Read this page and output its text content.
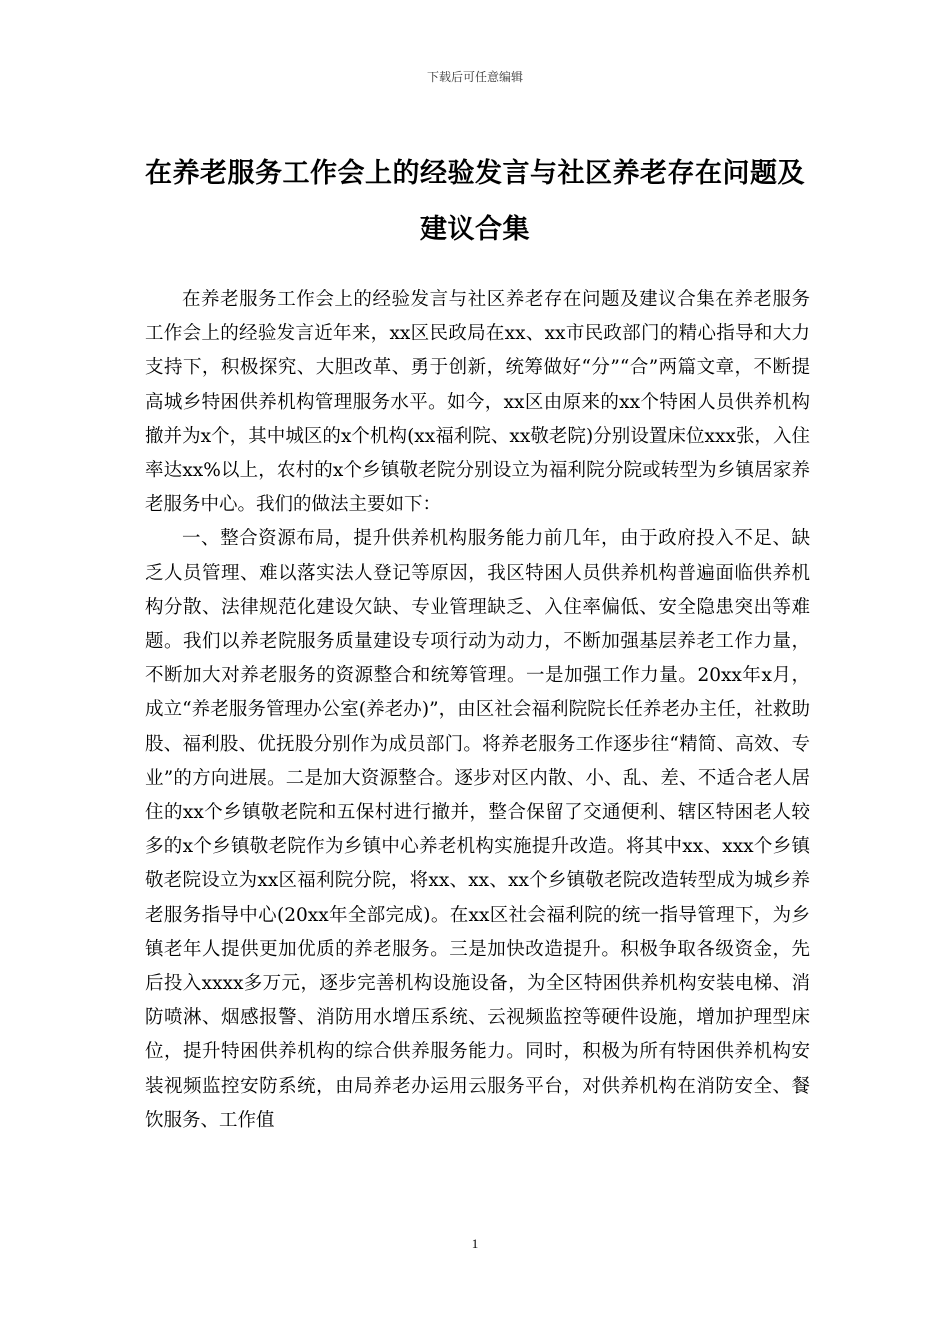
下载后可任意编辑
在养老服务工作会上的经验发言与社区养老存在问题及建议合集

在养老服务工作会上的经验发言与社区养老存在问题及建议合集在养老服务工作会上的经验发言近年来，xx区民政局在xx、xx市民政部门的精心指导和大力支持下，积极探究、大胆改革、勇于创新，统筹做好“分”“合”两篇文章，不断提高城乡特困供养机构管理服务水平。如今，xx区由原来的xx个特困人员供养机构撤并为x个，其中城区的x个机构(xx福利院、xx敬老院)分别设置床位xxx张，入住率达xx%以上，农村的x个乡镇敬老院分别设立为福利院分院或转型为乡镇居家养老服务中心。我们的做法主要如下：

一、整合资源布局，提升供养机构服务能力前几年，由于政府投入不足、缺乏人员管理、难以落实法人登记等原因，我区特困人员供养机构普遍面临供养机构分散、法律规范化建设欠缺、专业管理缺乏、入住率偏低、安全隐患突出等难题。我们以养老院服务质量建设专项行动为动力，不断加强基层养老工作力量，不断加大对养老服务的资源整合和统筹管理。一是加强工作力量。20xx年x月，成立“养老服务管理办公室(养老办)”，由区社会福利院院长任养老办主任，社救助股、福利股、优抚股分别作为成员部门。将养老服务工作逐步往“精简、高效、专业”的方向进展。二是加大资源整合。逐步对区内散、小、乱、差、不适合老人居住的xx个乡镇敬老院和五保村进行撤并，整合保留了交通便利、辖区特困老人较多的x个乡镇敬老院作为乡镇中心养老机构实施提升改造。将其中xx、xxx个乡镇敬老院设立为xx区福利院分院，将xx、xx、xx个乡镇敬老院改造转型成为城乡养老服务指导中心(20xx年全部完成)。在xx区社会福利院的统一指导管理下，为乡镇老年人提供更加优质的养老服务。三是加快改造提升。积极争取各级资金，先后投入xxxx多万元，逐步完善机构设施设备，为全区特困供养机构安装电梯、消防喷淋、烟感报警、消防用水增压系统、云视频监控等硬件设施，增加护理型床位，提升特困供养机构的综合供养服务能力。同时，积极为所有特困供养机构安装视频监控安防系统，由局养老办运用云服务平台，对供养机构在消防安全、餐饮服务、工作值

1
